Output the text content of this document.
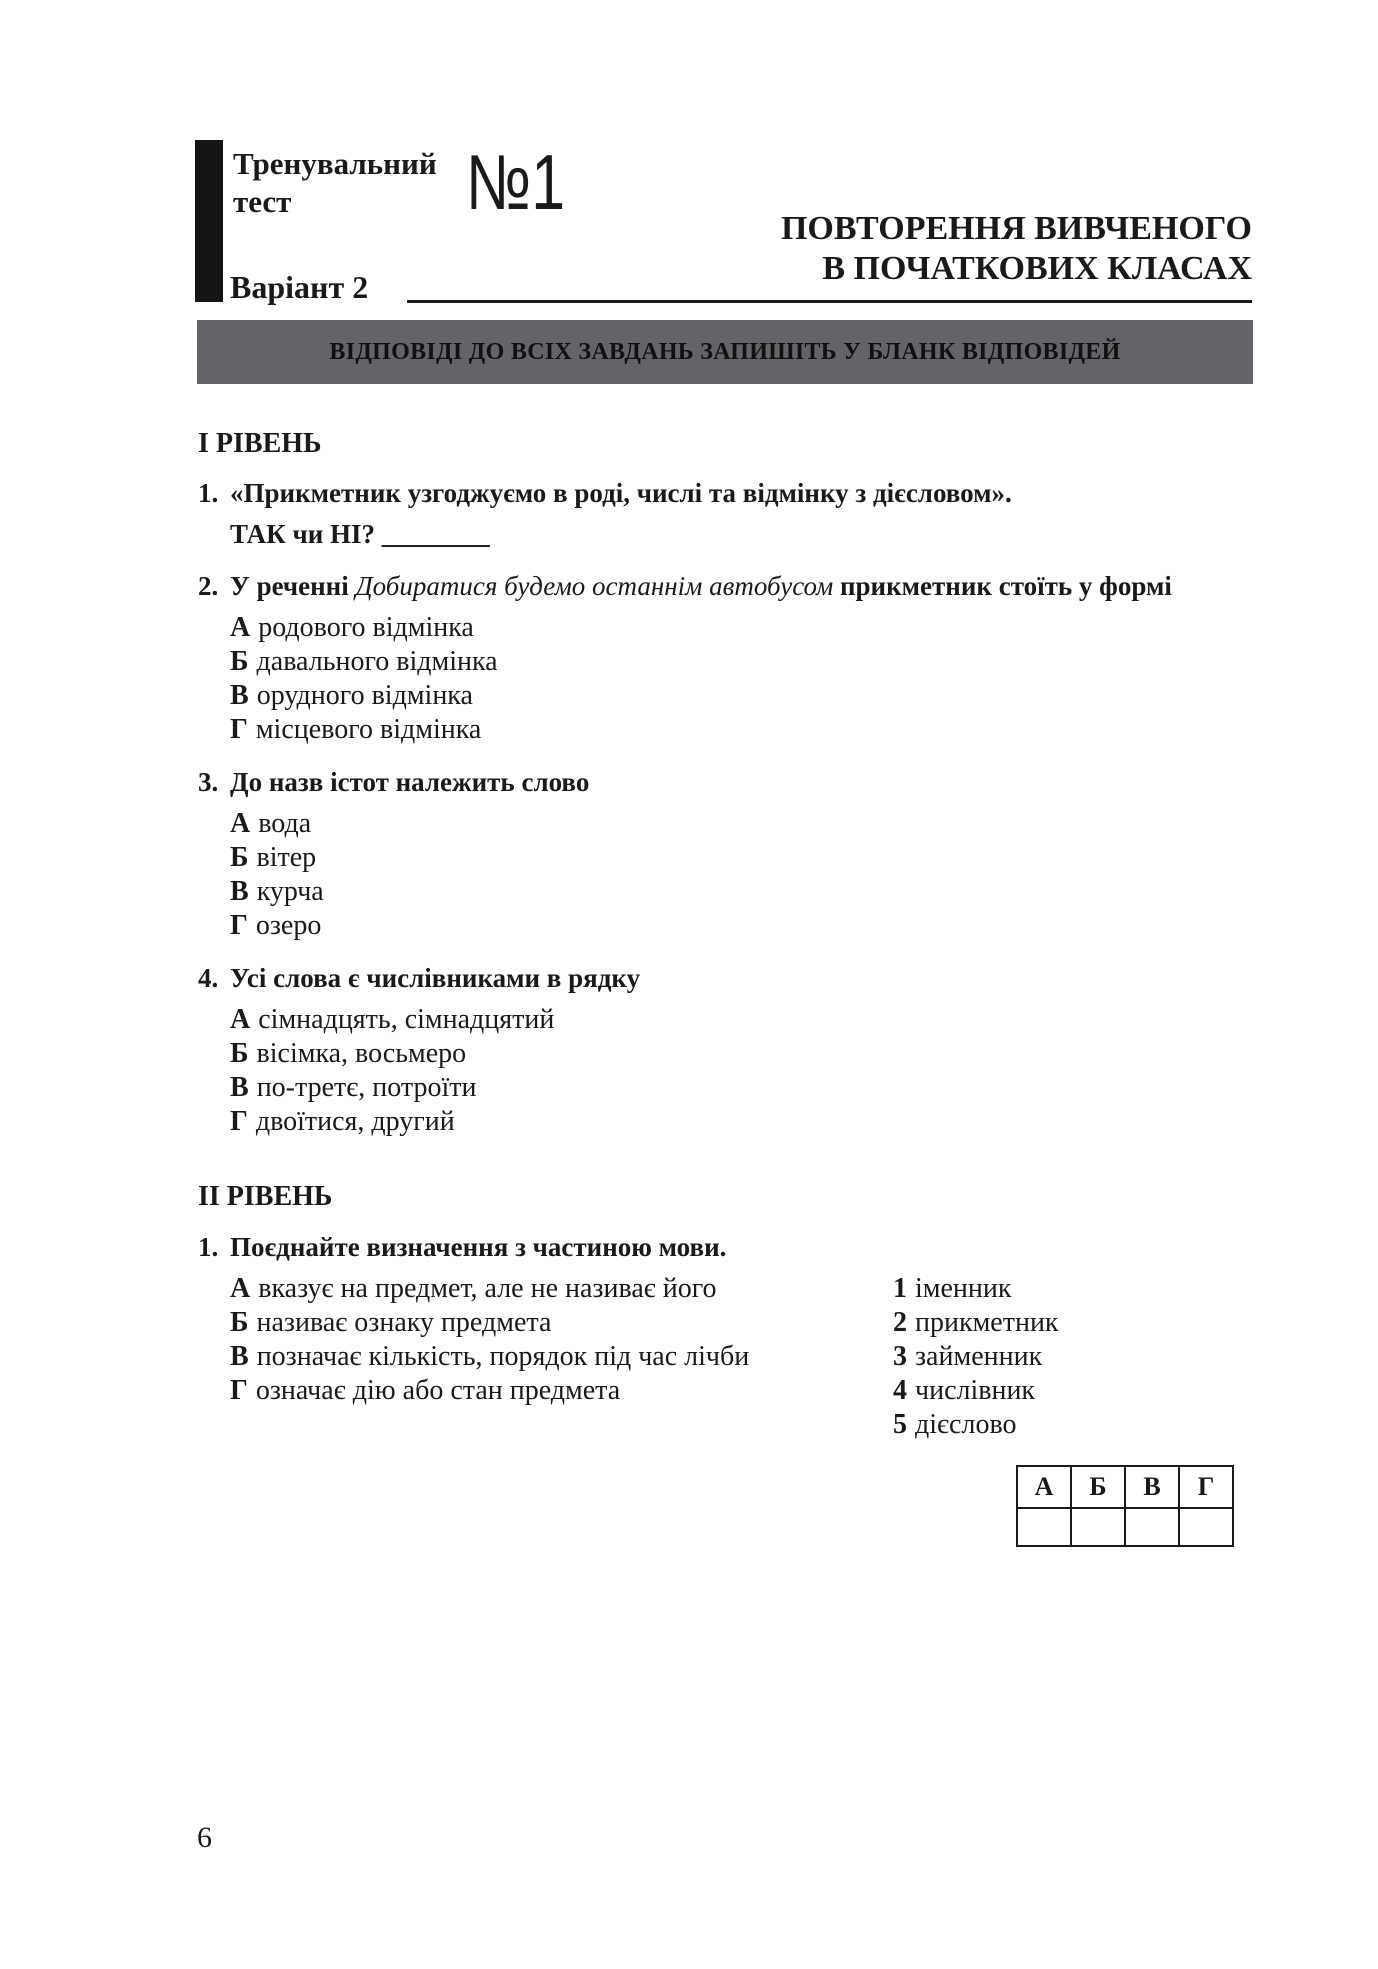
Тренувальний
тест №1
Варіант 2
ПОВТОРЕННЯ ВИВЧЕНОГО
В ПОЧАТКОВИХ КЛАСАХ
ВІДПОВІДІ ДО ВСІХ ЗАВДАНЬ ЗАПИШІТЬ У БЛАНК ВІДПОВІДЕЙ
I РІВЕНЬ
1. «Прикметник узгоджуємо в роді, числі та відмінку з дієсловом».
ТАК чи НІ? ________
2. У реченні Добиратися будемо останнім автобусом прикметник стоїть у формі
А родового відмінка
Б давального відмінка
В орудного відмінка
Г місцевого відмінка
3. До назв істот належить слово
А вода
Б вітер
В курча
Г озеро
4. Усі слова є числівниками в рядку
А сімнадцять, сімнадцятий
Б вісімка, восьмеро
В по-третє, потроїти
Г двоїтися, другий
II РІВЕНЬ
1. Поєднайте визначення з частиною мови.
А вказує на предмет, але не називає його
Б називає ознаку предмета
В позначає кількість, порядок під час лічби
Г означає дію або стан предмета
1 іменник
2 прикметник
3 займенник
4 числівник
5 дієслово
А	Б	В	Г

6
